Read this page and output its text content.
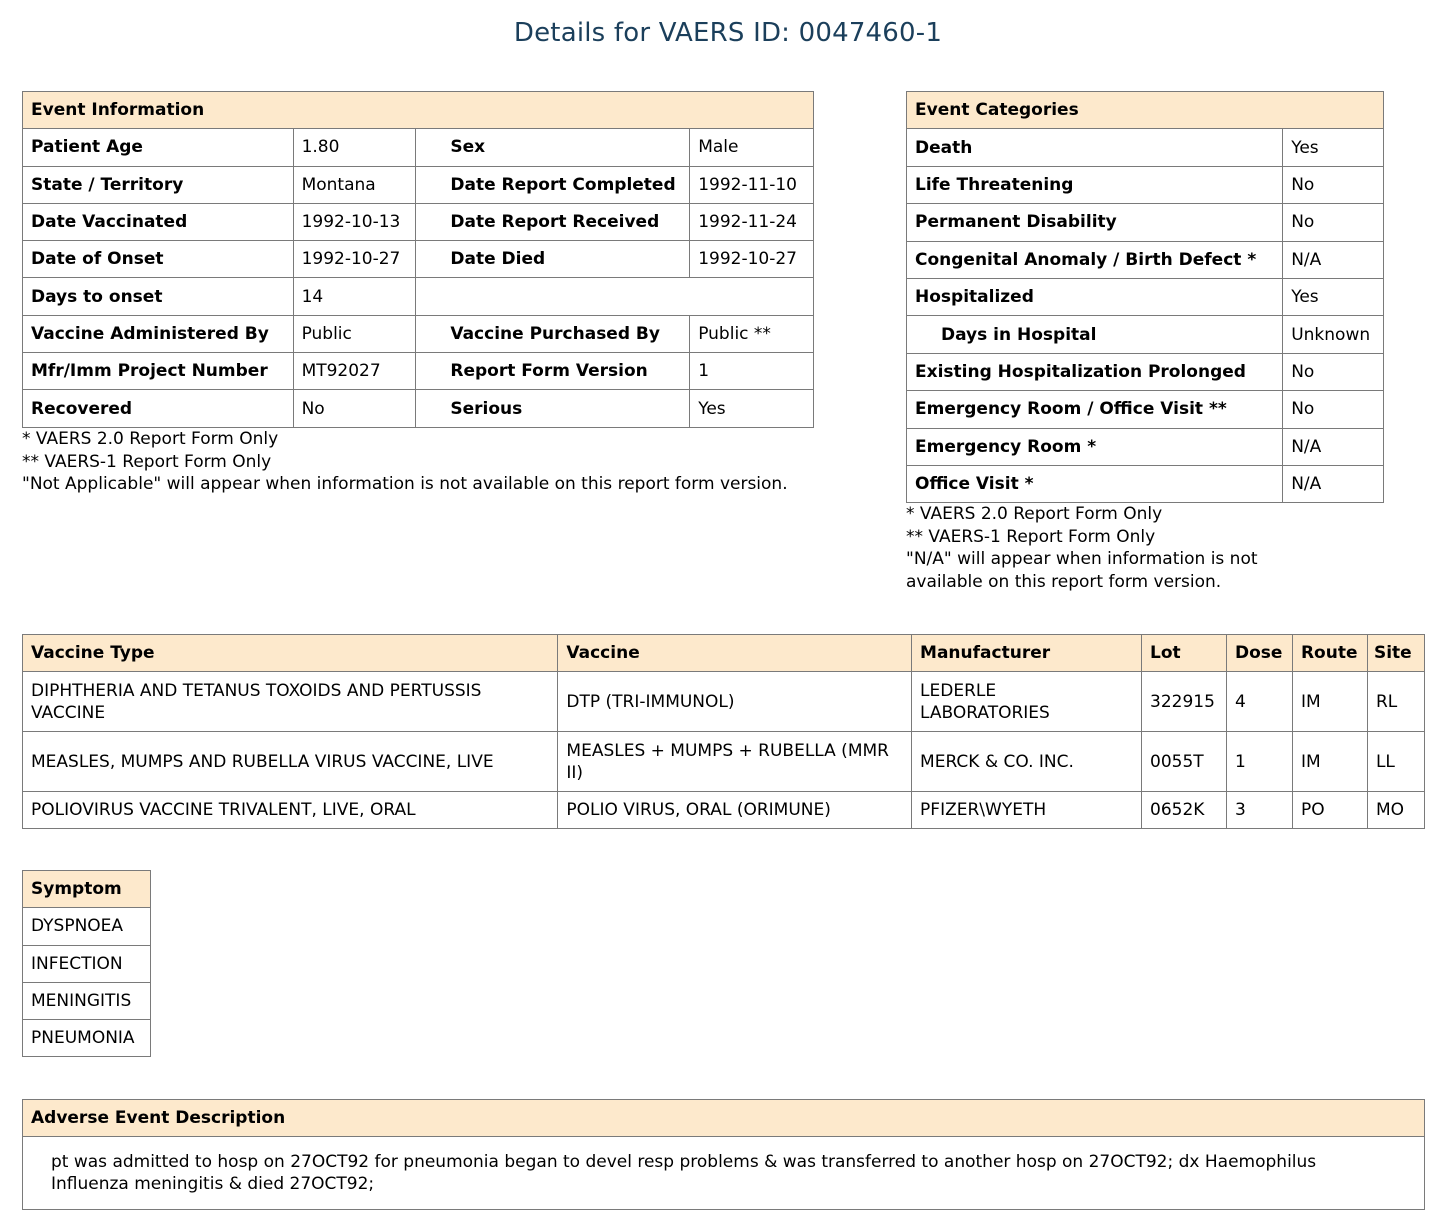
Details for VAERS ID: 0047460-1
Event Information			
Patient Age	1.80	Sex	Male
State / Territory	Montana	Date Report Completed	1992-11-10
Date Vaccinated	1992-10-13	Date Report Received	1992-11-24
Date of Onset	1992-10-27	Date Died	1992-10-27
Days to onset	14		
Vaccine Administered By	Public	Vaccine Purchased By	Public **
Mfr/Imm Project Number	MT92027	Report Form Version	1
Recovered	No	Serious	Yes
* VAERS 2.0 Report Form Only
** VAERS-1 Report Form Only
"Not Applicable" will appear when information is not available on this report form version.
Event Categories	
Death	Yes
Life Threatening	No
Permanent Disability	No
Congenital Anomaly / Birth Defect *	N/A
Hospitalized	Yes
Days in Hospital	Unknown
Existing Hospitalization Prolonged	No
Emergency Room / Office Visit **	No
Emergency Room *	N/A
Office Visit *	N/A
* VAERS 2.0 Report Form Only
** VAERS-1 Report Form Only
"N/A" will appear when information is not available on this report form version.
Vaccine Type	Vaccine	Manufacturer	Lot	Dose	Route	Site
DIPHTHERIA AND TETANUS TOXOIDS AND PERTUSSIS VACCINE	DTP (TRI-IMMUNOL)	LEDERLE LABORATORIES	322915	4	IM	RL
MEASLES, MUMPS AND RUBELLA VIRUS VACCINE, LIVE	MEASLES + MUMPS + RUBELLA (MMR II)	MERCK & CO. INC.	0055T	1	IM	LL
POLIOVIRUS VACCINE TRIVALENT, LIVE, ORAL	POLIO VIRUS, ORAL (ORIMUNE)	PFIZER\WYETH	0652K	3	PO	MO
Symptom
DYSPNOEA
INFECTION
MENINGITIS
PNEUMONIA
Adverse Event Description
pt was admitted to hosp on 27OCT92 for pneumonia began to devel resp problems & was transferred to another hosp on 27OCT92; dx Haemophilus Influenza meningitis & died 27OCT92;
